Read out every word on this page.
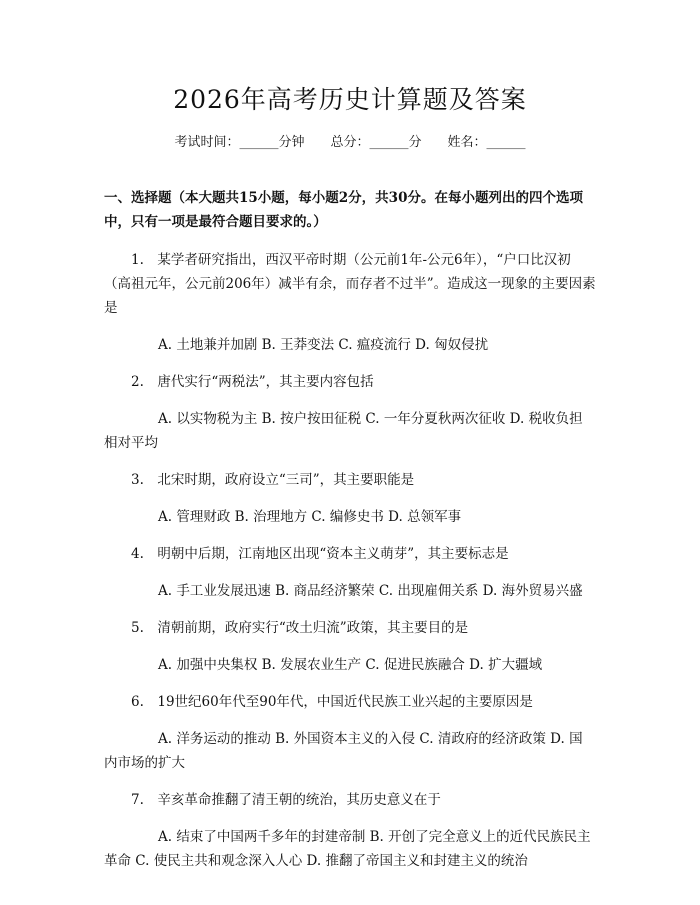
2026年高考历史计算题及答案
考试时间：______分钟 总分：______分 姓名：______

一、选择题（本大题共15小题，每小题2分，共30分。在每小题列出的四个选项中，只有一项是最符合题目要求的。）

1.　某学者研究指出，西汉平帝时期（公元前1年-公元6年），“户口比汉初（高祖元年，公元前206年）减半有余，而存者不过半”。造成这一现象的主要因素是

A. 土地兼并加剧 B. 王莽变法 C. 瘟疫流行 D. 匈奴侵扰

2.　唐代实行“两税法”，其主要内容包括

A. 以实物税为主 B. 按户按田征税 C. 一年分夏秋两次征收 D. 税收负担相对平均

3.　北宋时期，政府设立“三司”，其主要职能是

A. 管理财政 B. 治理地方 C. 编修史书 D. 总领军事

4.　明朝中后期，江南地区出现“资本主义萌芽”，其主要标志是

A. 手工业发展迅速 B. 商品经济繁荣 C. 出现雇佣关系 D. 海外贸易兴盛

5.　清朝前期，政府实行“改土归流”政策，其主要目的是

A. 加强中央集权 B. 发展农业生产 C. 促进民族融合 D. 扩大疆域

6.　19世纪60年代至90年代，中国近代民族工业兴起的主要原因是

A. 洋务运动的推动 B. 外国资本主义的入侵 C. 清政府的经济政策 D. 国内市场的扩大

7.　辛亥革命推翻了清王朝的统治，其历史意义在于

A. 结束了中国两千多年的封建帝制 B. 开创了完全意义上的近代民族民主革命 C. 使民主共和观念深入人心 D. 推翻了帝国主义和封建主义的统治
